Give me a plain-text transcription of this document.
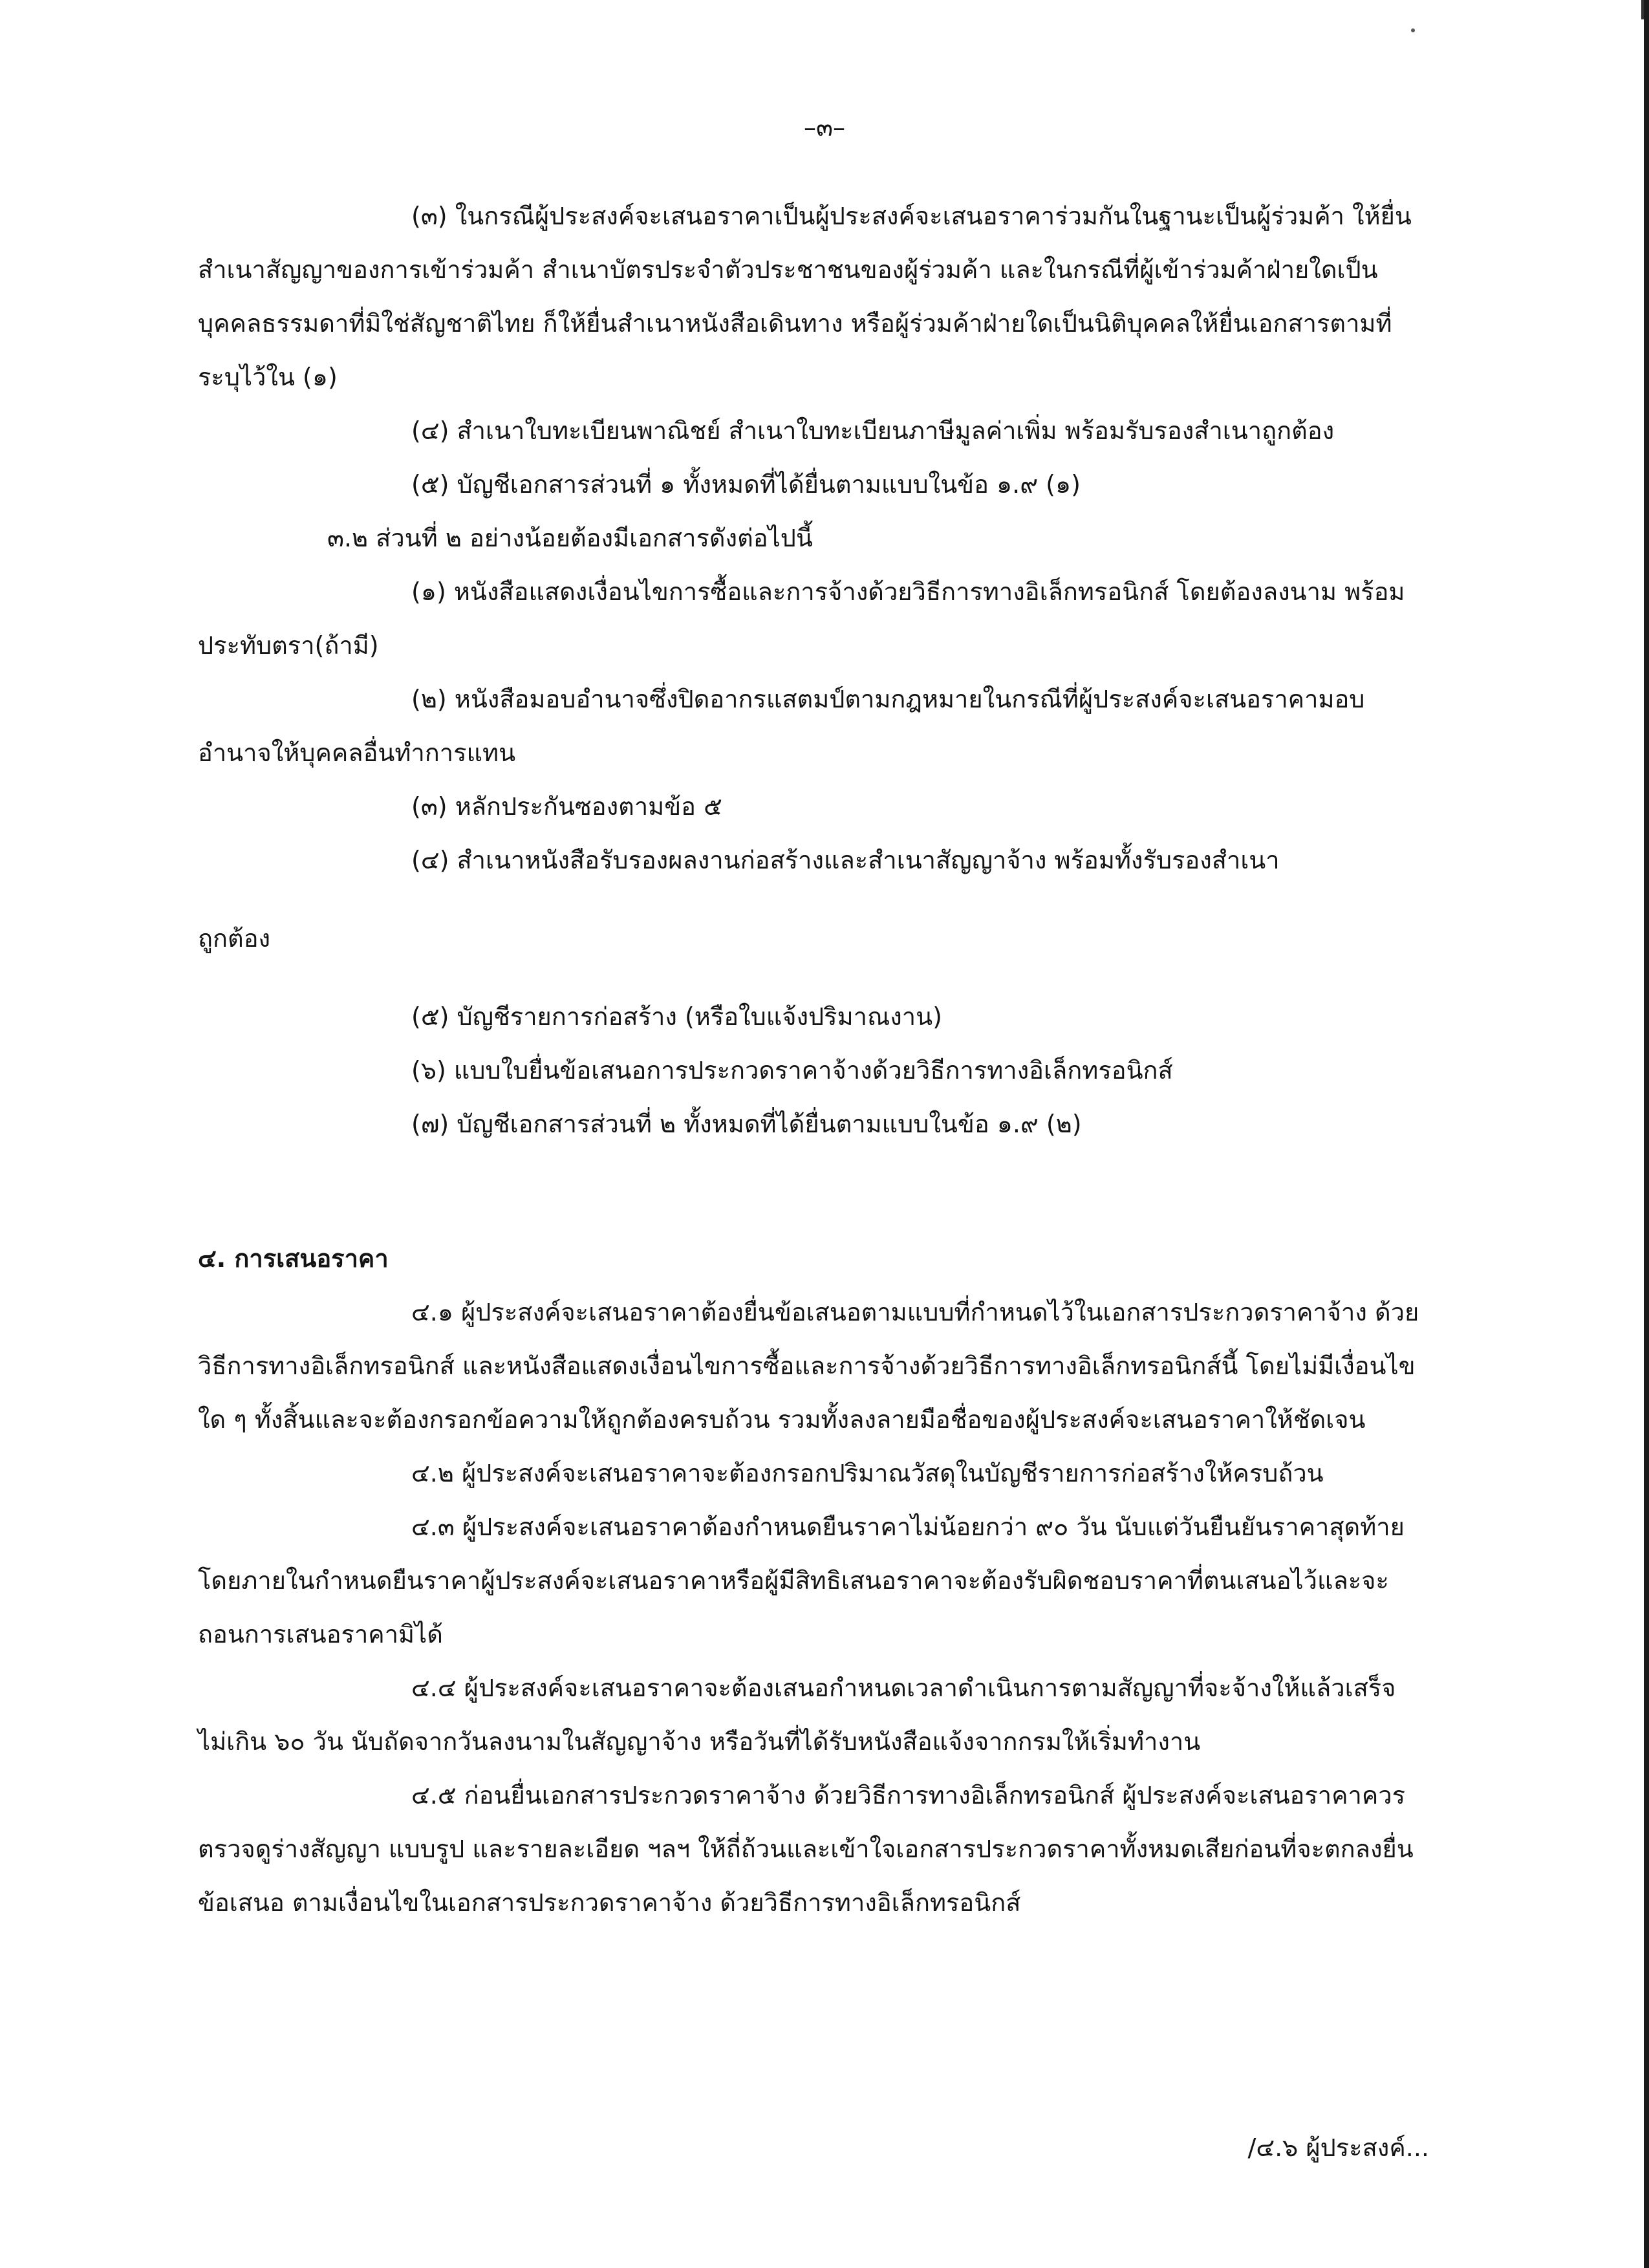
–๓–

(๓) ในกรณีผู้ประสงค์จะเสนอราคาเป็นผู้ประสงค์จะเสนอราคาร่วมกันในฐานะเป็นผู้ร่วมค้า ให้ยื่นสำเนาสัญญาของการเข้าร่วมค้า สำเนาบัตรประจำตัวประชาชนของผู้ร่วมค้า และในกรณีที่ผู้เข้าร่วมค้าฝ่ายใดเป็นบุคคลธรรมดาที่มิใช่สัญชาติไทย ก็ให้ยื่นสำเนาหนังสือเดินทาง หรือผู้ร่วมค้าฝ่ายใดเป็นนิติบุคคลให้ยื่นเอกสารตามที่ระบุไว้ใน (๑)

(๔) สำเนาใบทะเบียนพาณิชย์ สำเนาใบทะเบียนภาษีมูลค่าเพิ่ม พร้อมรับรองสำเนาถูกต้อง

(๕) บัญชีเอกสารส่วนที่ ๑ ทั้งหมดที่ได้ยื่นตามแบบในข้อ ๑.๙ (๑)

๓.๒ ส่วนที่ ๒ อย่างน้อยต้องมีเอกสารดังต่อไปนี้

(๑) หนังสือแสดงเงื่อนไขการซื้อและการจ้างด้วยวิธีการทางอิเล็กทรอนิกส์ โดยต้องลงนาม พร้อมประทับตรา(ถ้ามี)

(๒) หนังสือมอบอำนาจซึ่งปิดอากรแสตมป์ตามกฎหมายในกรณีที่ผู้ประสงค์จะเสนอราคามอบอำนาจให้บุคคลอื่นทำการแทน

(๓) หลักประกันซองตามข้อ ๕

(๔) สำเนาหนังสือรับรองผลงานก่อสร้างและสำเนาสัญญาจ้าง พร้อมทั้งรับรองสำเนา

ถูกต้อง

(๕) บัญชีรายการก่อสร้าง (หรือใบแจ้งปริมาณงาน)

(๖) แบบใบยื่นข้อเสนอการประกวดราคาจ้างด้วยวิธีการทางอิเล็กทรอนิกส์

(๗) บัญชีเอกสารส่วนที่ ๒ ทั้งหมดที่ได้ยื่นตามแบบในข้อ ๑.๙ (๒)

๔. การเสนอราคา

๔.๑ ผู้ประสงค์จะเสนอราคาต้องยื่นข้อเสนอตามแบบที่กำหนดไว้ในเอกสารประกวดราคาจ้าง ด้วยวิธีการทางอิเล็กทรอนิกส์ และหนังสือแสดงเงื่อนไขการซื้อและการจ้างด้วยวิธีการทางอิเล็กทรอนิกส์นี้ โดยไม่มีเงื่อนไขใด ๆ ทั้งสิ้นและจะต้องกรอกข้อความให้ถูกต้องครบถ้วน รวมทั้งลงลายมือชื่อของผู้ประสงค์จะเสนอราคาให้ชัดเจน

๔.๒ ผู้ประสงค์จะเสนอราคาจะต้องกรอกปริมาณวัสดุในบัญชีรายการก่อสร้างให้ครบถ้วน

๔.๓ ผู้ประสงค์จะเสนอราคาต้องกำหนดยืนราคาไม่น้อยกว่า ๙๐ วัน นับแต่วันยืนยันราคาสุดท้าย โดยภายในกำหนดยืนราคาผู้ประสงค์จะเสนอราคาหรือผู้มีสิทธิเสนอราคาจะต้องรับผิดชอบราคาที่ตนเสนอไว้และจะถอนการเสนอราคามิได้

๔.๔ ผู้ประสงค์จะเสนอราคาจะต้องเสนอกำหนดเวลาดำเนินการตามสัญญาที่จะจ้างให้แล้วเสร็จไม่เกิน ๖๐ วัน นับถัดจากวันลงนามในสัญญาจ้าง หรือวันที่ได้รับหนังสือแจ้งจากกรมให้เริ่มทำงาน

๔.๕ ก่อนยื่นเอกสารประกวดราคาจ้าง ด้วยวิธีการทางอิเล็กทรอนิกส์ ผู้ประสงค์จะเสนอราคาควรตรวจดูร่างสัญญา แบบรูป และรายละเอียด ฯลฯ ให้ถี่ถ้วนและเข้าใจเอกสารประกวดราคาทั้งหมดเสียก่อนที่จะตกลงยื่นข้อเสนอ ตามเงื่อนไขในเอกสารประกวดราคาจ้าง ด้วยวิธีการทางอิเล็กทรอนิกส์

/๔.๖ ผู้ประสงค์...
